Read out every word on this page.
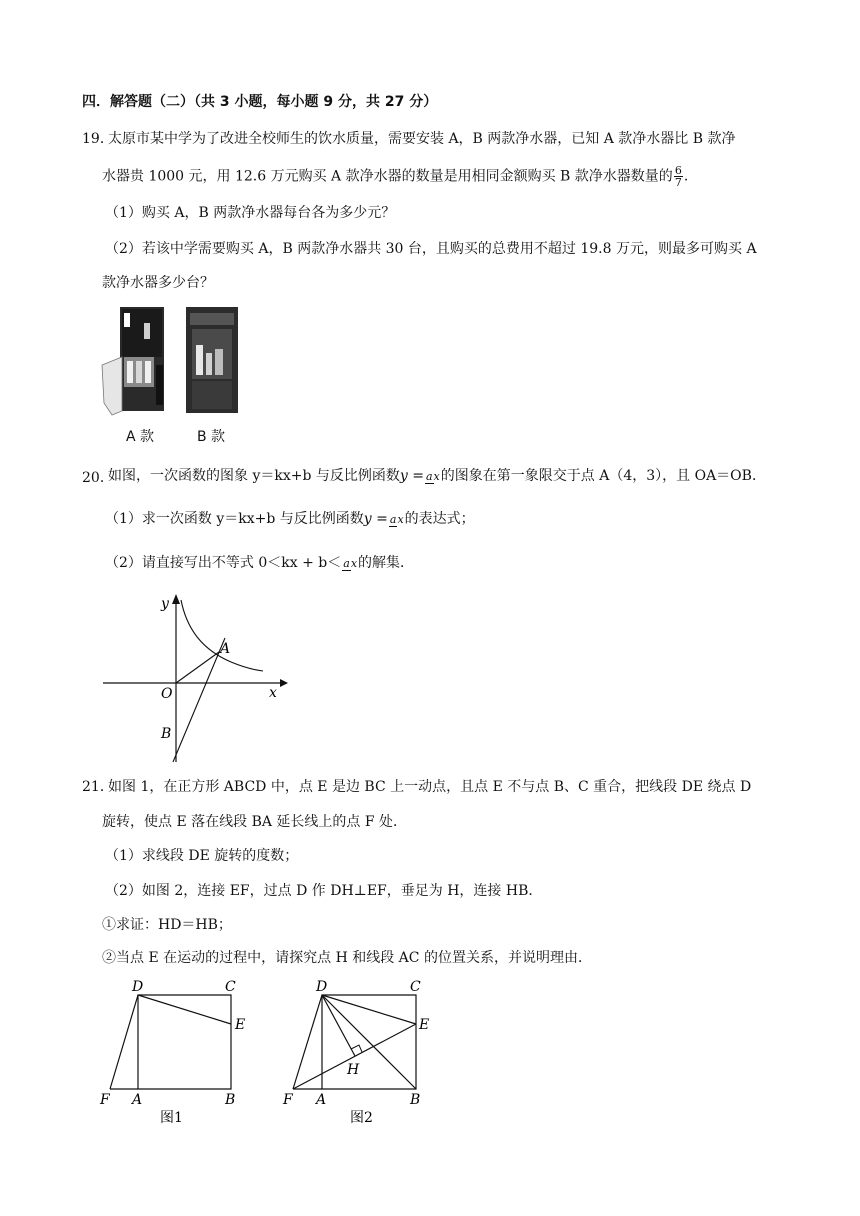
四．解答题（二）（共 3 小题，每小题 9 分，共 27 分）
19．
太原市某中学为了改进全校师生的饮水质量，需要安装 A，B 两款净水器，已知 A 款净水器比 B 款净
水器贵 1000 元，用 12.6 万元购买 A 款净水器的数量是用相同金额购买 B 款净水器数量的 $\frac{6}{7}$ .
（1）购买 A，B 两款净水器每台各为多少元？
（2）若该中学需要购买 A，B 两款净水器共 30 台，且购买的总费用不超过 19.8 万元，则最多可购买 A
款净水器多少台？
A 款	B 款
20．
如图，一次函数的图象 y＝kx+b 与反比例函数y = ax的图象在第一象限交于点 A（4，3），且 OA＝OB．
（1）求一次函数 y＝kx+b 与反比例函数y = ax的表达式；
（2）请直接写出不等式 0＜kx + b＜ ax的解集．
y
x
O
A
B
21．
如图 1，在正方形 ABCD 中，点 E 是边 BC 上一动点，且点 E 不与点 B、C 重合，把线段 DE 绕点 D
旋转，使点 E 落在线段 BA 延长线上的点 F 处．
（1）求线段 DE 旋转的度数；
（2）如图 2，连接 EF，过点 D 作 DH⊥EF，垂足为 H，连接 HB．
①求证：HD＝HB；
②当点 E 在运动的过程中，请探究点 H 和线段 AC 的位置关系，并说明理由．
D	C
E
F A	B
图1
D	C
E
H
F A	B
图2
